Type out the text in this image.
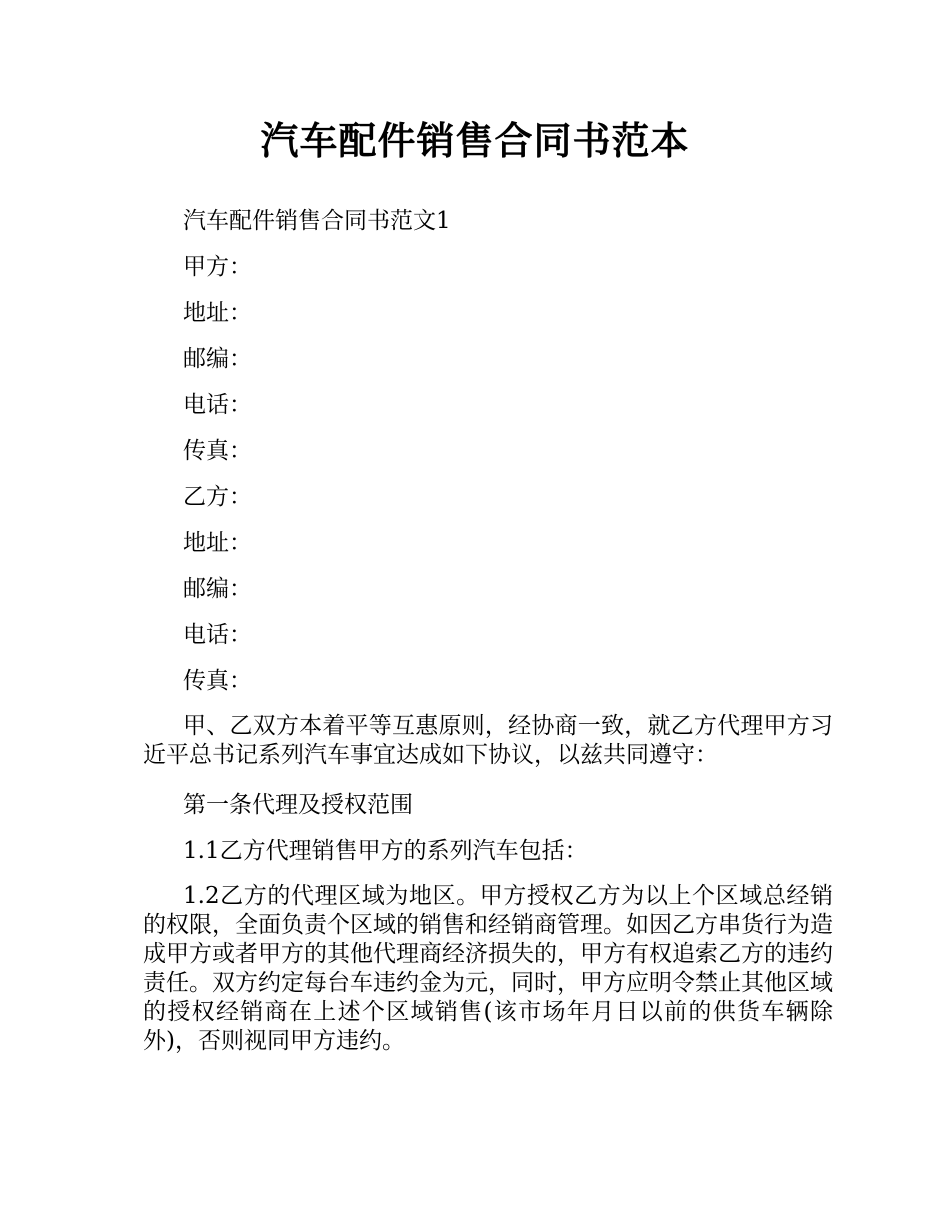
汽车配件销售合同书范本
汽车配件销售合同书范文1
甲方：
地址：
邮编：
电话：
传真：
乙方：
地址：
邮编：
电话：
传真：
甲、乙双方本着平等互惠原则，经协商一致，就乙方代理甲方习近平总书记系列汽车事宜达成如下协议，以兹共同遵守：
第一条代理及授权范围
1.1乙方代理销售甲方的系列汽车包括：
1.2乙方的代理区域为地区。甲方授权乙方为以上个区域总经销的权限，全面负责个区域的销售和经销商管理。如因乙方串货行为造成甲方或者甲方的其他代理商经济损失的，甲方有权追索乙方的违约责任。双方约定每台车违约金为元，同时，甲方应明令禁止其他区域的授权经销商在上述个区域销售(该市场年月日以前的供货车辆除外)，否则视同甲方违约。
